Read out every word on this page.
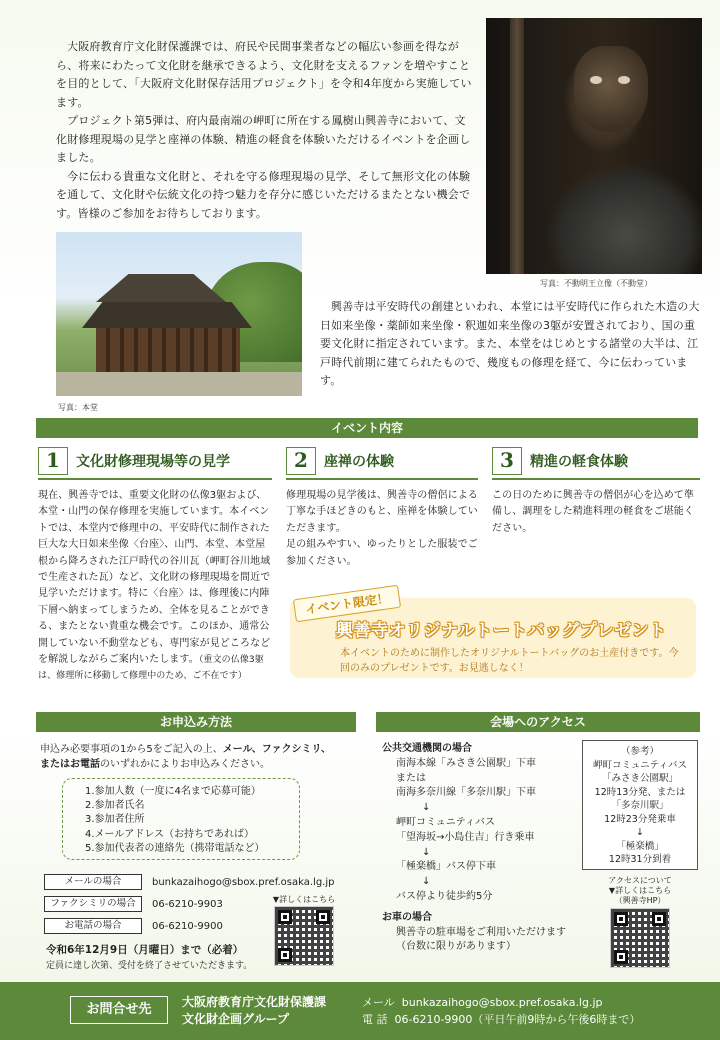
大阪府教育庁文化財保護課では、府民や民間事業者などの幅広い参画を得ながら、将来にわたって文化財を継承できるよう、文化財を支えるファンを増やすことを目的として、「大阪府文化財保存活用プロジェクト」を令和4年度から実施しています。

プロジェクト第5弾は、府内最南端の岬町に所在する鳳樹山興善寺において、文化財修理現場の見学と座禅の体験、精進の軽食を体験いただけるイベントを企画しました。

今に伝わる貴重な文化財と、それを守る修理現場の見学、そして無形文化の体験を通して、文化財や伝統文化の持つ魅力を存分に感じいただけるまたとない機会です。皆様のご参加をお待ちしております。

写真：不動明王立像（不動堂）
写真：本堂
興善寺は平安時代の創建といわれ、本堂には平安時代に作られた木造の大日如来坐像・薬師如来坐像・釈迦如来坐像の3躯が安置されており、国の重要文化財に指定されています。また、本堂をはじめとする諸堂の大半は、江戸時代前期に建てられたもので、幾度もの修理を経て、今に伝わっています。
イベント内容
1	文化財修理現場等の見学
現在、興善寺では、重要文化財の仏像3躯および、本堂・山門の保存修理を実施しています。本イベントでは、本堂内で修理中の、平安時代に制作された巨大な大日如来坐像〈台座〉、山門、本堂、本堂屋根から降ろされた江戸時代の谷川瓦（岬町谷川地域で生産された瓦）など、文化財の修理現場を間近で見学いただけます。特に〈台座〉は、修理後に内陣下層へ納まってしまうため、全体を見ることができる、またとない貴重な機会です。このほか、通常公開していない不動堂なども、専門家が見どころなどを解説しながらご案内いたします。（重文の仏像3躯は、修理所に移動して修理中のため、ご不在です）
2	座禅の体験
修理現場の見学後は、興善寺の僧侶による丁寧な手ほどきのもと、座禅を体験していただきます。
足の組みやすい、ゆったりとした服装でご参加ください。
3	精進の軽食体験
この日のために興善寺の僧侶が心を込めて準備し、調理をした精進料理の軽食をご堪能ください。
イベント限定！
興善寺オリジナルトートバッグプレゼント
本イベントのために制作したオリジナルトートバッグのお土産付きです。今回のみのプレゼントです。お見逃しなく！
お申込み方法
申込み必要事項の1から5をご記入の上、メール、ファクシミリ、
またはお電話のいずれかによりお申込みください。
1.参加人数（一度に4名まで応募可能）
2.参加者氏名
3.参加者住所
4.メールアドレス（お持ちであれば）
5.参加代表者の連絡先（携帯電話など）
メールの場合	bunkazaihogo@sbox.pref.osaka.lg.jp
ファクシミリの場合	06-6210-9903
お電話の場合	06-6210-9900
▼詳しくはこちら
令和6年12月9日（月曜日）まで（必着）
定員に達し次第、受付を終了させていただきます。
会場へのアクセス
公共交通機関の場合
南海本線「みさき公園駅」下車
または
南海多奈川線「多奈川駅」下車
↓
岬町コミュニティバス
「望海坂→小島住吉」行き乗車
↓
「極楽橋」バス停下車
↓
バス停より徒歩約5分
お車の場合
興善寺の駐車場をご利用いただけます
（台数に限りがあります）
（参考）
岬町コミュニティバス
「みさき公園駅」
12時13分発、または
「多奈川駅」
12時23分発乗車
↓
「極楽橋」
12時31分到着
アクセスについて
▼詳しくはこちら
（興善寺HP）
お問合せ先	大阪府教育庁文化財保護課
文化財企画グループ
メール bunkazaihogo@sbox.pref.osaka.lg.jp
電 話 06-6210-9900（平日午前9時から午後6時まで）
